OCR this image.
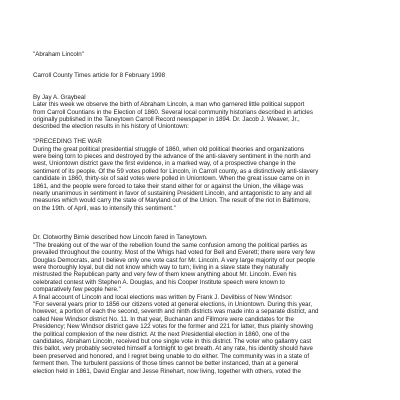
"Abraham Lincoln"
Carroll County Times article for 8 February 1998
By Jay A. Graybeal
Later this week we observe the birth of Abraham Lincoln, a man who garnered little political support
from Carroll Countians in the Election of 1860. Several local community historians described in articles
originally published in the Taneytown Carroll Record newspaper in 1894. Dr. Jacob J. Weaver, Jr.,
described the election results in his history of Uniontown:
"PRECEDING THE WAR
During the great political presidential struggle of 1860, when old political theories and organizations
were being torn to pieces and destroyed by the advance of the anti-slavery sentiment in the north and
west, Uniontown district gave the first evidence, in a marked way, of a prospective change in the
sentiment of its people. Of the 59 votes polled for Lincoln, in Carroll county, as a distinctively anti-slavery
candidate in 1860, thirty-six of said votes were polled in Uniontown. When the great issue came on in
1861, and the people were forced to take their stand either for or against the Union, the village was
nearly unanimous in sentiment in favor of sustaining President Lincoln, and antagonistic to any and all
measures which would carry the state of Maryland out of the Union. The result of the riot in Baltimore,
on the 19th. of April, was to intensify this sentiment."
Dr. Clotworthy Birnie described how Lincoln fared in Taneytown.
"The breaking out of the war of the rebellion found the same confusion among the political parties as
prevailed throughout the country. Most of the Whigs had voted for Bell and Everett; there were very few
Douglas Democrats, and I believe only one vote cast for Mr. Lincoln. A very large majority of our people
were thoroughly loyal, but did not know which way to turn; living in a slave state they naturally
mistrusted the Republican party and very few of them knew anything about Mr. Lincoln. Even his
celebrated contest with Stephen A. Douglas, and his Cooper Institute speech were known to
comparatively few people here."
A final account of Lincoln and local elections was written by Frank J. Devilbiss of New Windsor:
"For several years prior to 1856 our citizens voted at general elections, in Uniontown. During this year,
however, a portion of each the second, seventh and ninth districts was made into a separate district, and
called New Windsor district No. 11. In that year, Buchanan and Fillmore were candidates for the
Presidency; New Windsor district gave 122 votes for the former and 221 for latter, thus plainly showing
the political complexion of the new district. At the next Presidential election in 1860, one of the
candidates, Abraham Lincoln, received but one single vote in this district. The voter who gallantry cast
this ballot, very probably secreted himself a fortnight to get breath. At any rate, his identity should have
been preserved and honored, and I regret being unable to do either. The community was in a state of
ferment then. The turbulent passions of those times cannot be better instanced, than at a general
election held in 1861, David Englar and Jesse Rinehart, now living, together with others, voted the
